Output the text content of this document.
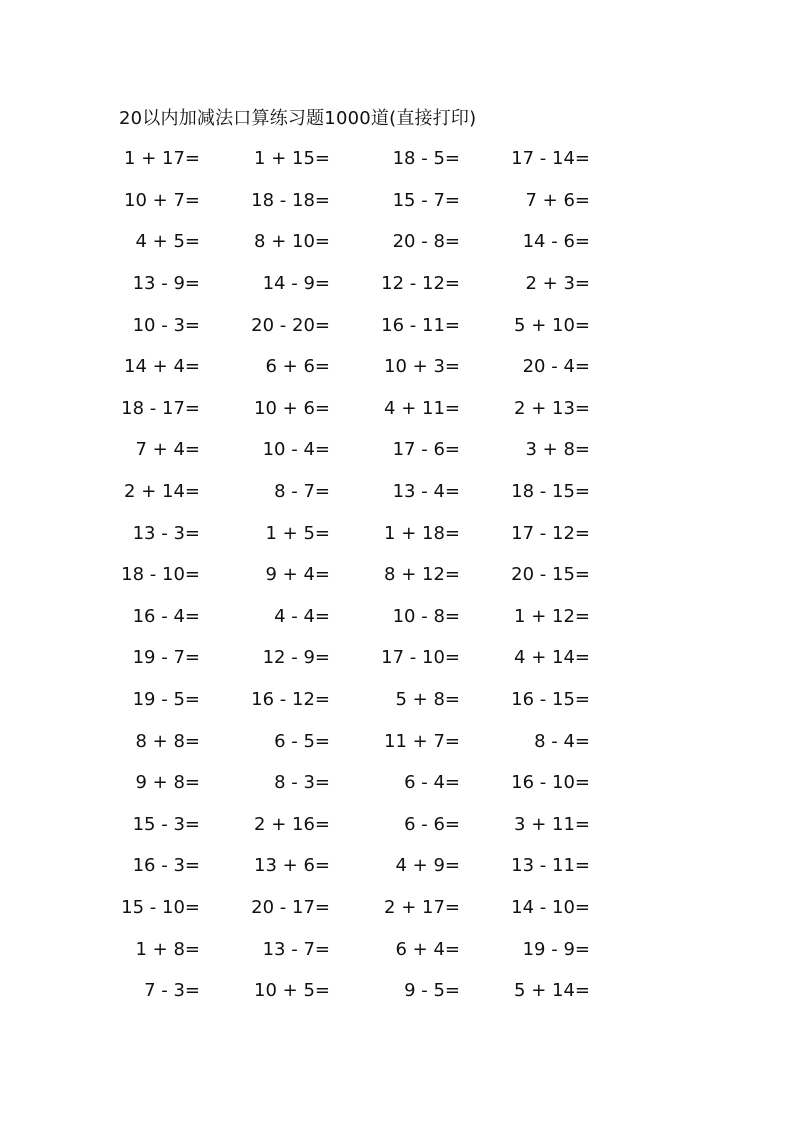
20以内加减法口算练习题1000道(直接打印)
1 + 17=	1 + 15=	18 - 5=	17 - 14=
10 + 7=	18 - 18=	15 - 7=	7 + 6=
4 + 5=	8 + 10=	20 - 8=	14 - 6=
13 - 9=	14 - 9=	12 - 12=	2 + 3=
10 - 3=	20 - 20=	16 - 11=	5 + 10=
14 + 4=	6 + 6=	10 + 3=	20 - 4=
18 - 17=	10 + 6=	4 + 11=	2 + 13=
7 + 4=	10 - 4=	17 - 6=	3 + 8=
2 + 14=	8 - 7=	13 - 4=	18 - 15=
13 - 3=	1 + 5=	1 + 18=	17 - 12=
18 - 10=	9 + 4=	8 + 12=	20 - 15=
16 - 4=	4 - 4=	10 - 8=	1 + 12=
19 - 7=	12 - 9=	17 - 10=	4 + 14=
19 - 5=	16 - 12=	5 + 8=	16 - 15=
8 + 8=	6 - 5=	11 + 7=	8 - 4=
9 + 8=	8 - 3=	6 - 4=	16 - 10=
15 - 3=	2 + 16=	6 - 6=	3 + 11=
16 - 3=	13 + 6=	4 + 9=	13 - 11=
15 - 10=	20 - 17=	2 + 17=	14 - 10=
1 + 8=	13 - 7=	6 + 4=	19 - 9=
7 - 3=	10 + 5=	9 - 5=	5 + 14=
